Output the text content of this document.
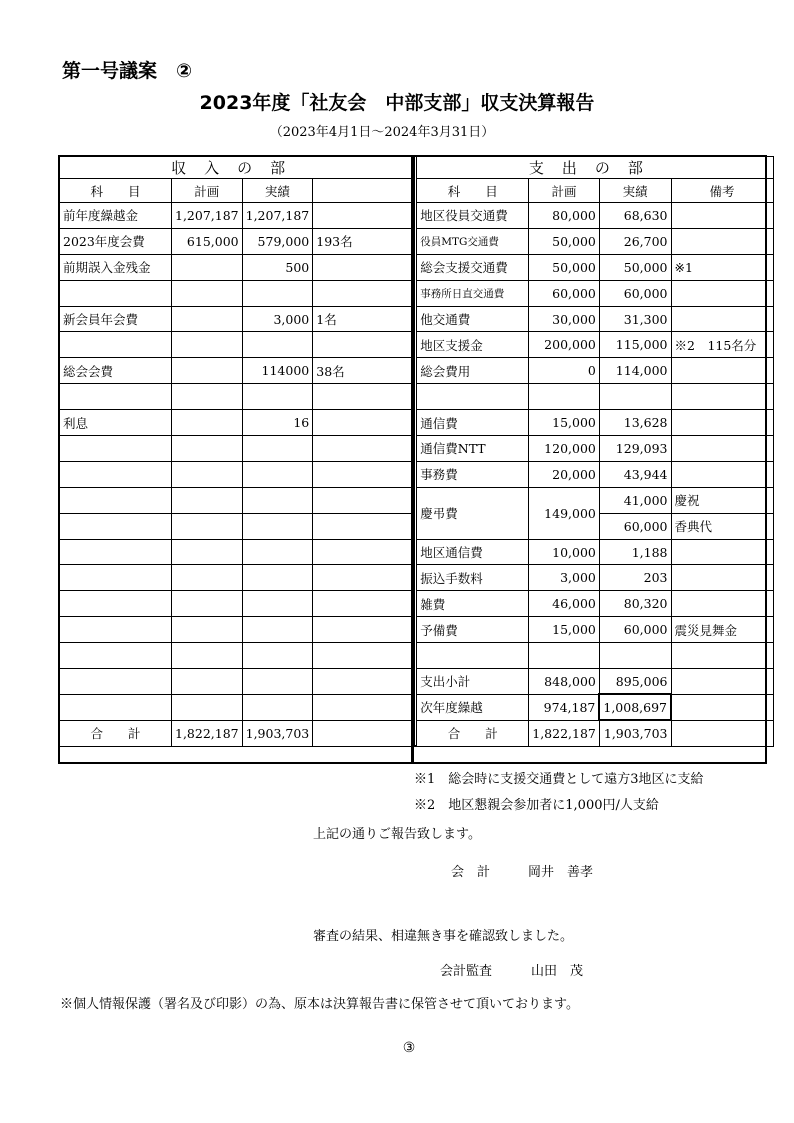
第一号議案　②
2023年度「社友会　中部支部」収支決算報告
（2023年4月1日～2024年3月31日）
収入の部					支出の部			
科　　目	計画	実績			科　　目	計画	実績	備考
前年度繰越金	1,207,187	1,207,187			地区役員交通費	80,000	68,630	
2023年度会費	615,000	579,000	193名		役員MTG交通費	50,000	26,700	
前期誤入金残金		500			総会支援交通費	50,000	50,000	※1
					事務所日直交通費	60,000	60,000	
新会員年会費		3,000	1名		他交通費	30,000	31,300	
					地区支援金	200,000	115,000	※2　115名分
総会会費		114000	38名		総会費用	0	114,000	

利息		16			通信費	15,000	13,628	
					通信費NTT	120,000	129,093	
					事務費	20,000	43,944	
					慶弔費	149,000	41,000	慶祝
							60,000	香典代
					地区通信費	10,000	1,188	
					振込手数料	3,000	203	
					雑費	46,000	80,320	
					予備費	15,000	60,000	震災見舞金

					支出小計	848,000	895,006	
					次年度繰越	974,187	1,008,697	
合　　計	1,822,187	1,903,703			合　　計	1,822,187	1,903,703	
※1　総会時に支援交通費として遠方3地区に支給
※2　地区懇親会参加者に1,000円/人支給
上記の通りご報告致します。
会　計	岡井　善孝
審査の結果、相違無き事を確認致しました。
会計監査	山田　茂
※個人情報保護（署名及び印影）の為、原本は決算報告書に保管させて頂いております。
③
